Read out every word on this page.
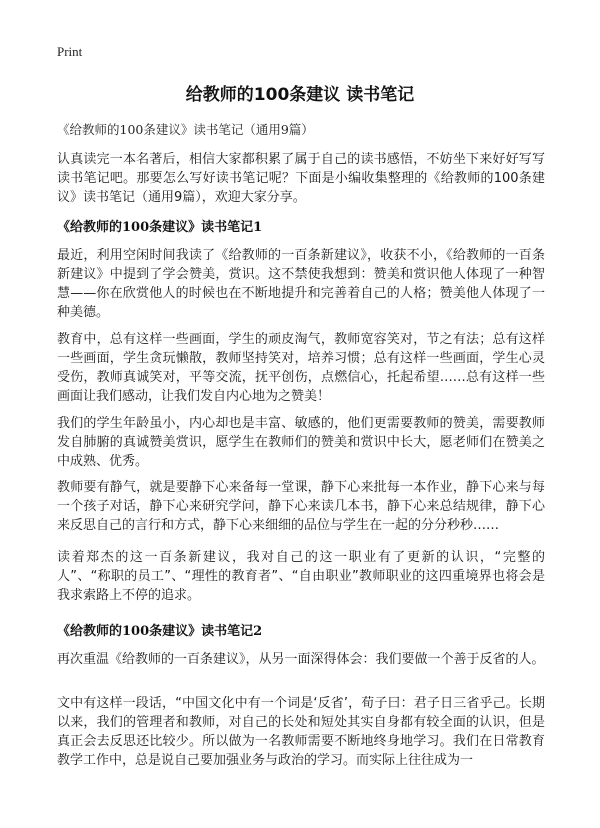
Print
给教师的100条建议 读书笔记
《给教师的100条建议》读书笔记（通用9篇）

认真读完一本名著后，相信大家都积累了属于自己的读书感悟，不妨坐下来好好写写读书笔记吧。那要怎么写好读书笔记呢？下面是小编收集整理的《给教师的100条建议》读书笔记（通用9篇），欢迎大家分享。

《给教师的100条建议》读书笔记1

最近，利用空闲时间我读了《给教师的一百条新建议》，收获不小，《给教师的一百条新建议》中提到了学会赞美，赏识。这不禁使我想到：赞美和赏识他人体现了一种智慧——你在欣赏他人的时候也在不断地提升和完善着自己的人格；赞美他人体现了一种美德。

教育中，总有这样一些画面，学生的顽皮淘气，教师宽容笑对，节之有法；总有这样一些画面，学生贪玩懒散，教师坚持笑对，培养习惯；总有这样一些画面，学生心灵受伤，教师真诚笑对，平等交流，抚平创伤，点燃信心，托起希望……总有这样一些画面让我们感动，让我们发自内心地为之赞美！

我们的学生年龄虽小，内心却也是丰富、敏感的，他们更需要教师的赞美，需要教师发自肺腑的真诚赞美赏识，愿学生在教师们的赞美和赏识中长大，愿老师们在赞美之中成熟、优秀。

教师要有静气，就是要静下心来备每一堂课，静下心来批每一本作业，静下心来与每一个孩子对话，静下心来研究学问，静下心来读几本书，静下心来总结规律，静下心来反思自己的言行和方式，静下心来细细的品位与学生在一起的分分秒秒……

读着郑杰的这一百条新建议，我对自己的这一职业有了更新的认识，“完整的人”、“称职的员工”、“理性的教育者”、“自由职业”教师职业的这四重境界也将会是我求索路上不停的追求。

《给教师的100条建议》读书笔记2

再次重温《给教师的一百条建议》，从另一面深得体会：我们要做一个善于反省的人。

文中有这样一段话，“中国文化中有一个词是‘反省’，荀子曰：君子日三省乎己。长期以来，我们的管理者和教师，对自己的长处和短处其实自身都有较全面的认识，但是真正会去反思还比较少。所以做为一名教师需要不断地终身地学习。我们在日常教育教学工作中，总是说自己要加强业务与政治的学习。而实际上往往成为一
